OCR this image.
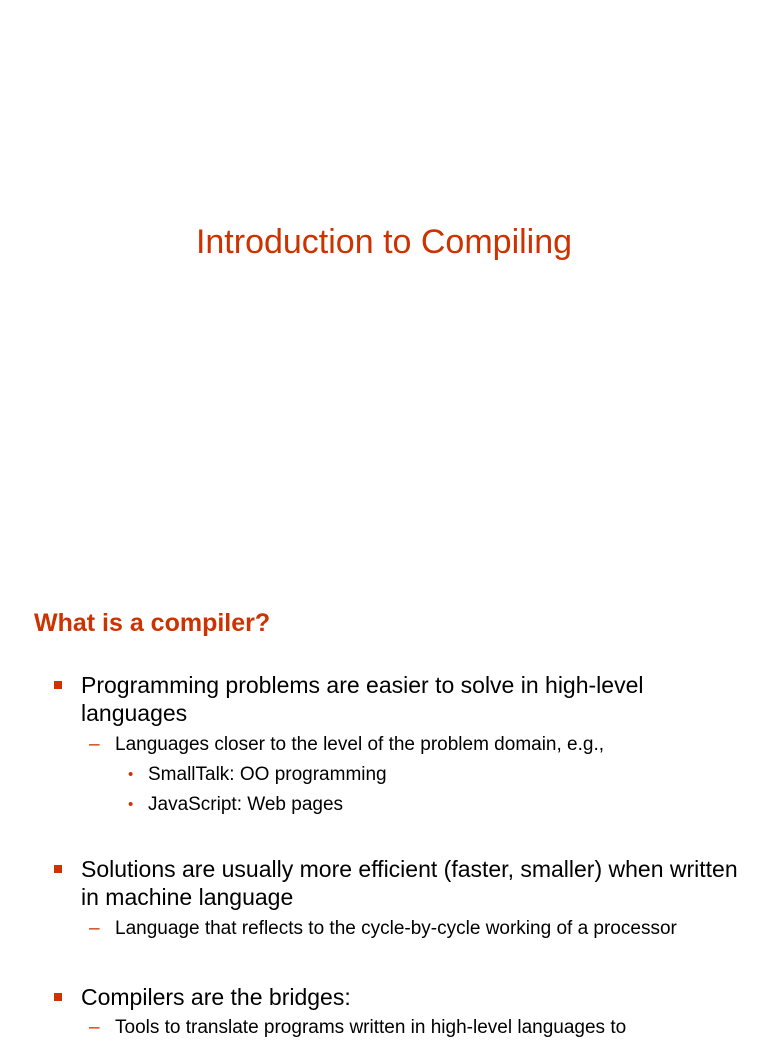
Introduction to Compiling
What is a compiler?
Programming problems are easier to solve in high-level languages
– Languages closer to the level of the problem domain, e.g.,
• SmallTalk: OO programming
• JavaScript: Web pages
Solutions are usually more efficient (faster, smaller) when written in machine language
– Language that reflects to the cycle-by-cycle working of a processor
Compilers are the bridges:
– Tools to translate programs written in high-level languages to
